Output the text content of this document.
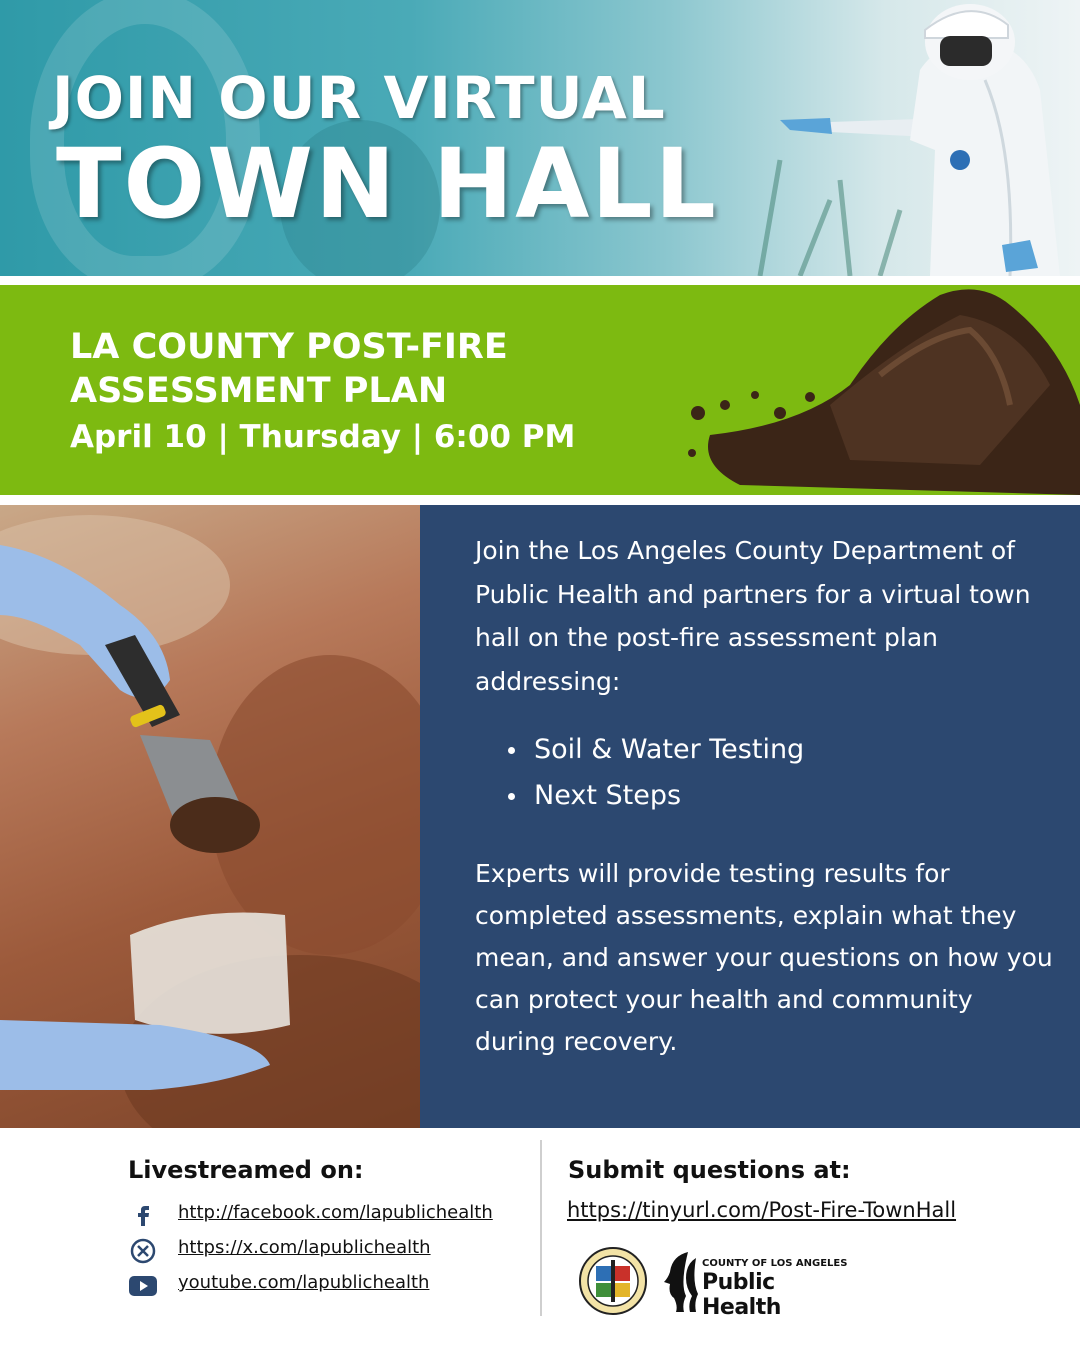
JOIN OUR VIRTUAL
TOWN HALL
LA COUNTY POST-FIRE ASSESSMENT PLAN
April 10 | Thursday | 6:00 PM
Join the Los Angeles County Department of Public Health and partners for a virtual town hall on the post-fire assessment plan addressing:
Soil & Water Testing
Next Steps
Experts will provide testing results for completed assessments, explain what they mean, and answer your questions on how you can protect your health and community during recovery.
Livestreamed on:
http://facebook.com/lapublichealth
https://x.com/lapublichealth
youtube.com/lapublichealth
Submit questions at:
https://tinyurl.com/Post-Fire-TownHall
COUNTY OF LOS ANGELES
Public Health
